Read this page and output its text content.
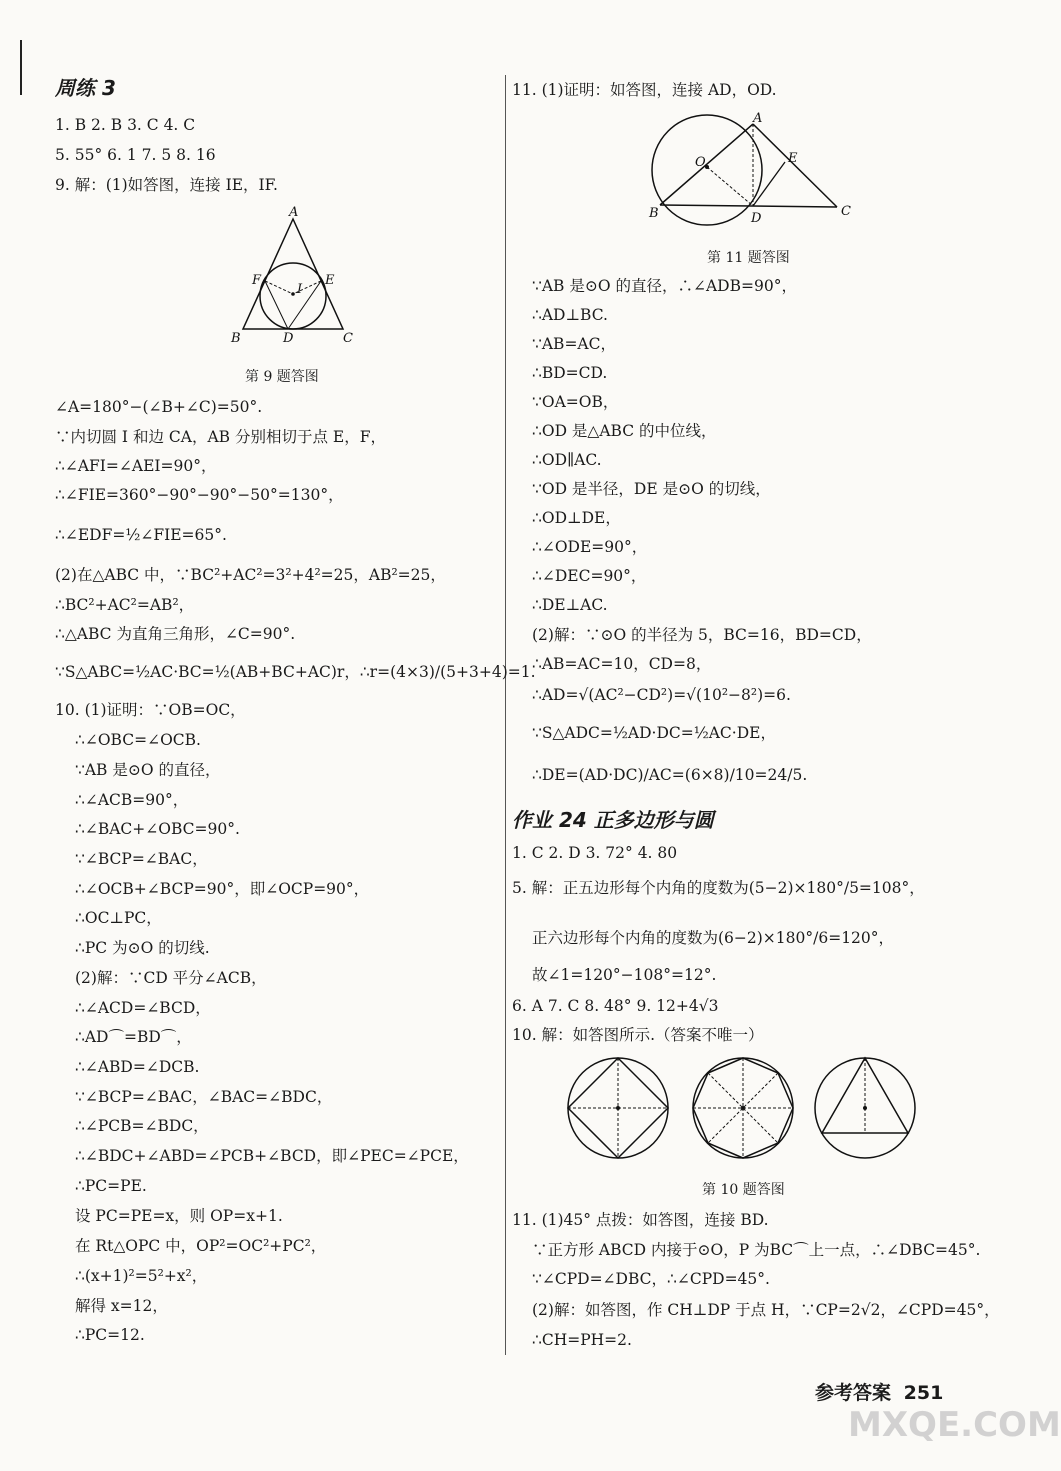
周练 3
1. B 2. B 3. C 4. C
5. 55° 6. 1 7. 5 8. 16
9. 解：(1)如答图，连接 IE，IF.
第 9 题答图
∠A=180°−(∠B+∠C)=50°.
∵内切圆 I 和边 CA，AB 分别相切于点 E，F，
∴∠AFI=∠AEI=90°，
∴∠FIE=360°−90°−90°−50°=130°，
∴∠EDF=½∠FIE=65°.
(2)在△ABC 中，∵BC²+AC²=3²+4²=25，AB²=25，
∴BC²+AC²=AB²，
∴△ABC 为直角三角形，∠C=90°.
∵S△ABC=½AC·BC=½(AB+BC+AC)r，∴r=(4×3)/(5+3+4)=1.
10. (1)证明：∵OB=OC，
∴∠OBC=∠OCB.
∵AB 是⊙O 的直径，
∴∠ACB=90°，
∴∠BAC+∠OBC=90°.
∵∠BCP=∠BAC，
∴∠OCB+∠BCP=90°，即∠OCP=90°，
∴OC⊥PC，
∴PC 为⊙O 的切线.
(2)解：∵CD 平分∠ACB，
∴∠ACD=∠BCD，
∴AD⌒=BD⌒，
∴∠ABD=∠DCB.
∵∠BCP=∠BAC，∠BAC=∠BDC，
∴∠PCB=∠BDC，
∴∠BDC+∠ABD=∠PCB+∠BCD，即∠PEC=∠PCE，
∴PC=PE.
设 PC=PE=x，则 OP=x+1.
在 Rt△OPC 中，OP²=OC²+PC²，
∴(x+1)²=5²+x²，
解得 x=12，
∴PC=12.
11. (1)证明：如答图，连接 AD，OD.
第 11 题答图
∵AB 是⊙O 的直径，∴∠ADB=90°，
∴AD⊥BC.
∵AB=AC，
∴BD=CD.
∵OA=OB，
∴OD 是△ABC 的中位线，
∴OD∥AC.
∵OD 是半径，DE 是⊙O 的切线，
∴OD⊥DE，
∴∠ODE=90°，
∴∠DEC=90°，
∴DE⊥AC.
(2)解：∵⊙O 的半径为 5，BC=16，BD=CD，
∴AB=AC=10，CD=8，
∴AD=√(AC²−CD²)=√(10²−8²)=6.
∵S△ADC=½AD·DC=½AC·DE，
∴DE=(AD·DC)/AC=(6×8)/10=24/5.
作业 24 正多边形与圆
1. C 2. D 3. 72° 4. 80
5. 解：正五边形每个内角的度数为(5−2)×180°/5=108°，
正六边形每个内角的度数为(6−2)×180°/6=120°，
故∠1=120°−108°=12°.
6. A 7. C 8. 48° 9. 12+4√3
10. 解：如答图所示.（答案不唯一）
第 10 题答图
11. (1)45° 点拨：如答图，连接 BD.
∵正方形 ABCD 内接于⊙O，P 为BC⌒上一点，∴∠DBC=45°.
∵∠CPD=∠DBC，∴∠CPD=45°.
(2)解：如答图，作 CH⊥DP 于点 H，∵CP=2√2，∠CPD=45°，
∴CH=PH=2.
A
B	C
D
E
F
I
A
B	C
D
E
O
参考答案 251
MXQE.COM
